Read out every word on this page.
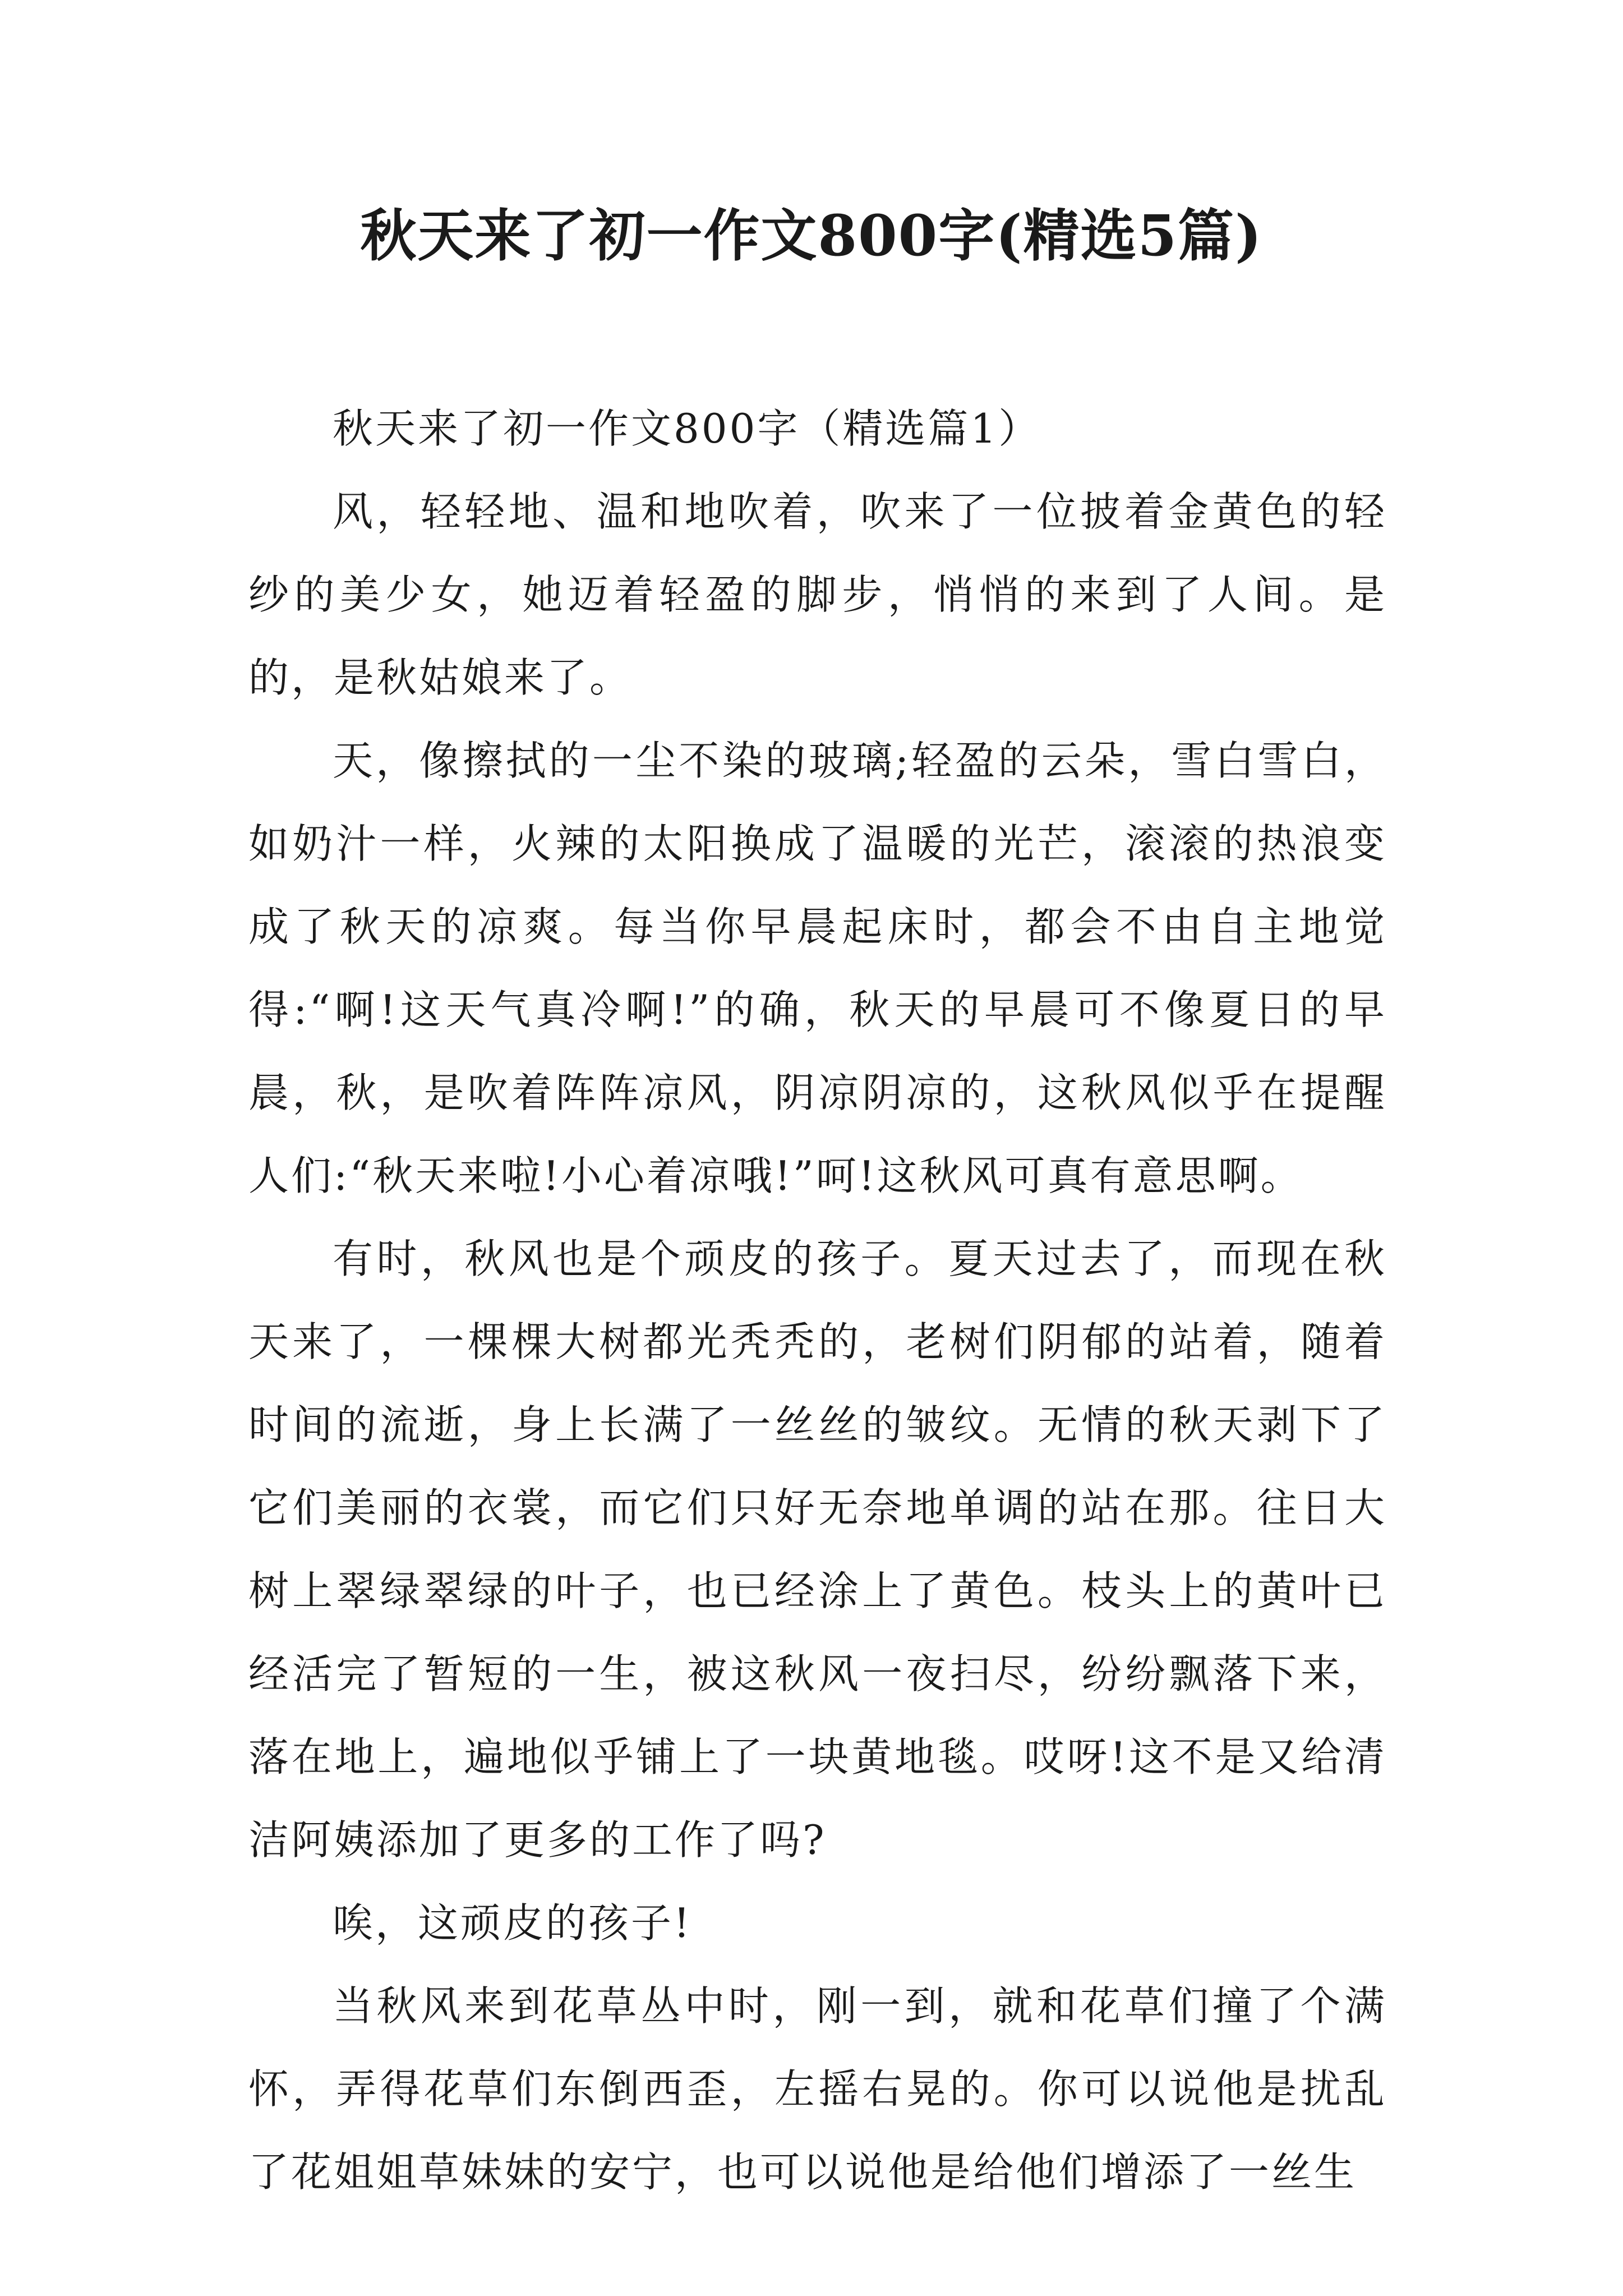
秋天来了初一作文800字(精选5篇)

秋天来了初一作文800字（精选篇1）

风，轻轻地、温和地吹着，吹来了一位披着金黄色的轻纱的美少女，她迈着轻盈的脚步，悄悄的来到了人间。是的，是秋姑娘来了。

天，像擦拭的一尘不染的玻璃;轻盈的云朵，雪白雪白，如奶汁一样，火辣的太阳换成了温暖的光芒，滚滚的热浪变成了秋天的凉爽。每当你早晨起床时，都会不由自主地觉得:“啊!这天气真冷啊!”的确，秋天的早晨可不像夏日的早晨，秋，是吹着阵阵凉风，阴凉阴凉的，这秋风似乎在提醒人们:“秋天来啦!小心着凉哦!”呵!这秋风可真有意思啊。

有时，秋风也是个顽皮的孩子。夏天过去了，而现在秋天来了，一棵棵大树都光秃秃的，老树们阴郁的站着，随着时间的流逝，身上长满了一丝丝的皱纹。无情的秋天剥下了它们美丽的衣裳，而它们只好无奈地单调的站在那。往日大树上翠绿翠绿的叶子，也已经涂上了黄色。枝头上的黄叶已经活完了暂短的一生，被这秋风一夜扫尽，纷纷飘落下来，落在地上，遍地似乎铺上了一块黄地毯。哎呀!这不是又给清洁阿姨添加了更多的工作了吗?

唉，这顽皮的孩子!

当秋风来到花草丛中时，刚一到，就和花草们撞了个满怀，弄得花草们东倒西歪，左摇右晃的。你可以说他是扰乱了花姐姐草妹妹的安宁，也可以说他是给他们增添了一丝生
